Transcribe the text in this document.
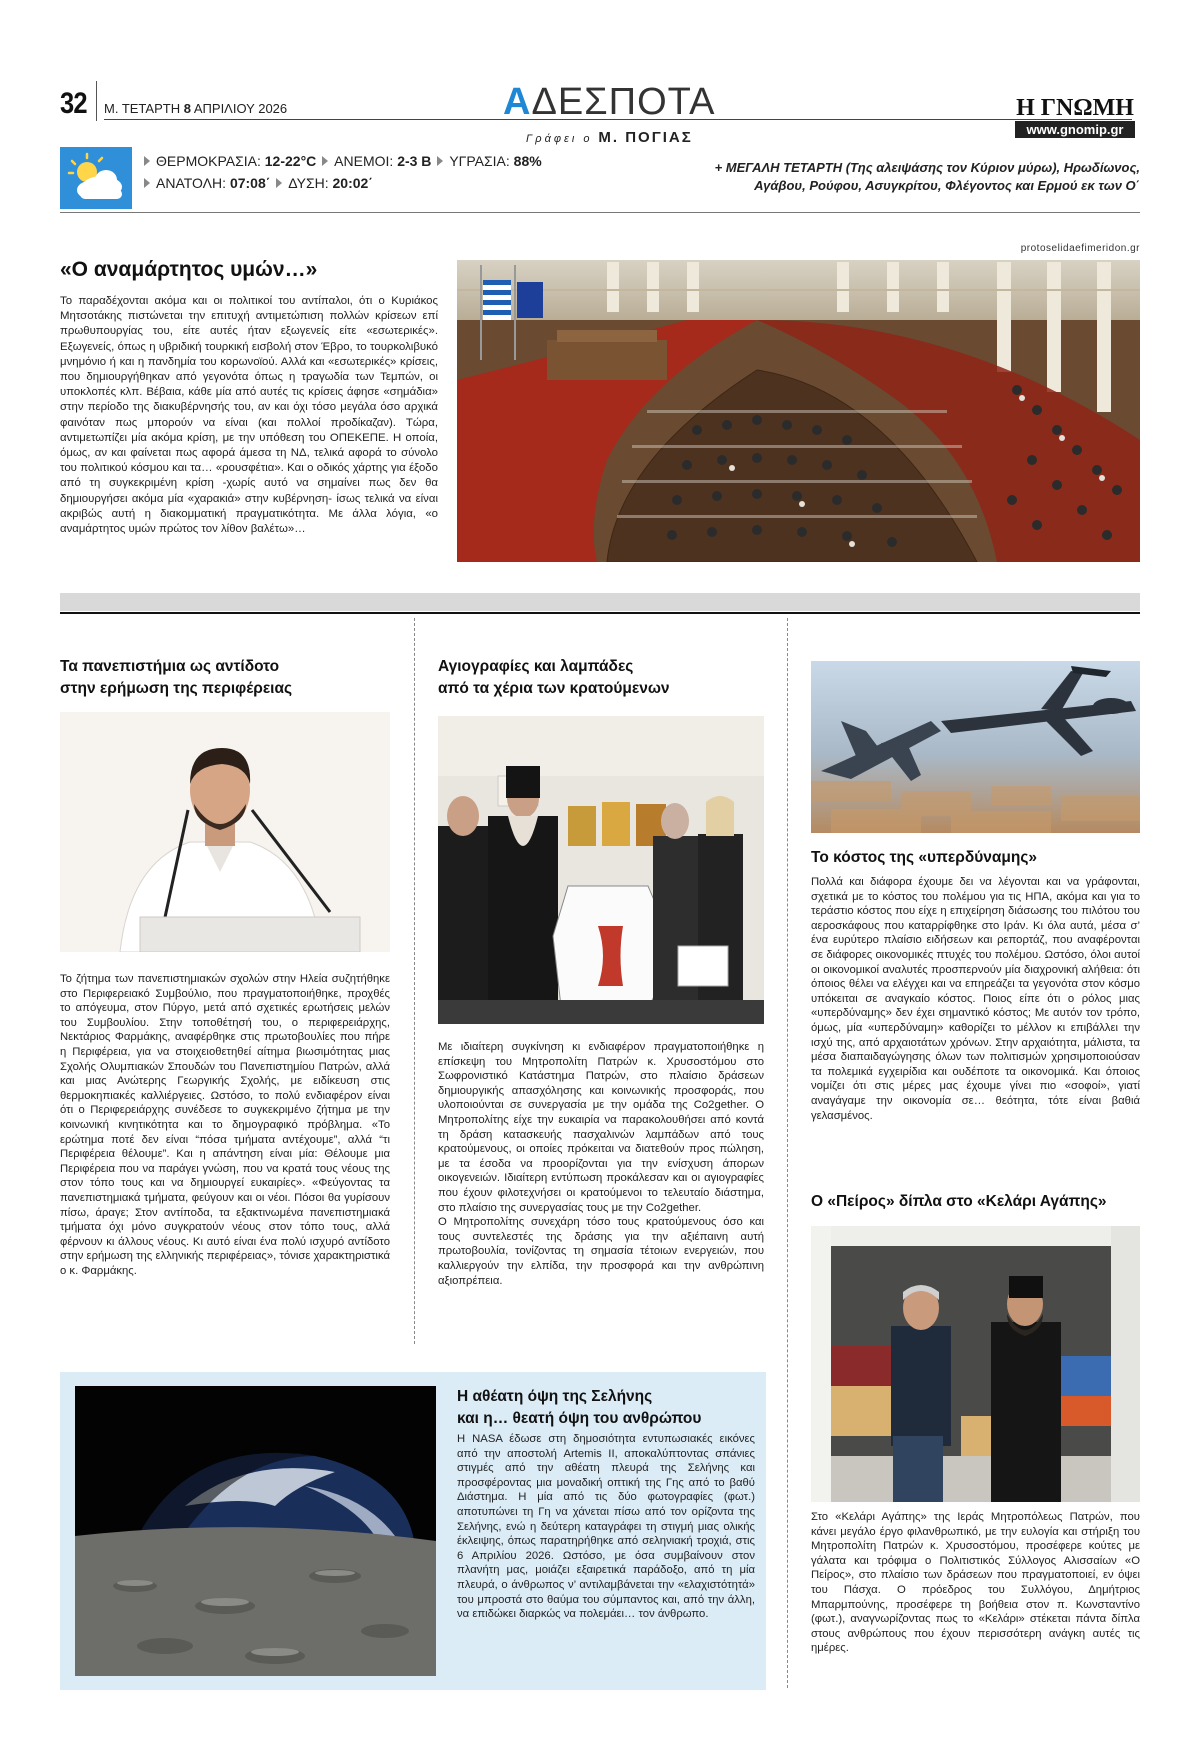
32 Μ. ΤΕΤΑΡΤΗ 8 ΑΠΡΙΛΙΟΥ 2026	ΑΔΕΣΠΟΤΑ
Γράφει ο Μ. ΠΟΓΙΑΣ
Η ΓΝΩΜΗ
www.gnomip.gr
ΘΕΡΜΟΚΡΑΣΙΑ: 12-22°C ΑΝΕΜΟΙ: 2-3 Β ΥΓΡΑΣΙΑ: 88%
ΑΝΑΤΟΛΗ: 07:08΄ ΔΥΣΗ: 20:02΄
+ ΜΕΓΑΛΗ ΤΕΤΑΡΤΗ (Της αλειψάσης τον Κύριον μύρω), Ηρωδίωνος,
Αγάβου, Ρούφου, Ασυγκρίτου, Φλέγοντος και Ερμού εκ των Ο΄
protoselidaefimeridon.gr
«Ο αναμάρτητος υμών…»
Το παραδέχονται ακόμα και οι πολιτικοί του αντίπαλοι, ότι ο Κυριάκος Μητσοτάκης πιστώνεται την επιτυχή αντιμετώπιση πολλών κρίσεων επί πρωθυπουργίας του, είτε αυτές ήταν εξωγενείς είτε «εσωτερικές». Εξωγενείς, όπως η υβριδική τουρκική εισβολή στον Έβρο, το τουρκολιβυκό μνημόνιο ή και η πανδημία του κορωνοϊού. Αλλά και «εσωτερικές» κρίσεις, που δημιουργήθηκαν από γεγονότα όπως η τραγωδία των Τεμπών, οι υποκλοπές κλπ. Βέβαια, κάθε μία από αυτές τις κρίσεις άφησε «σημάδια» στην περίοδο της διακυβέρνησής του, αν και όχι τόσο μεγάλα όσο αρχικά φαινόταν πως μπορούν να είναι (και πολλοί προδίκαζαν). Τώρα, αντιμετωπίζει μία ακόμα κρίση, με την υπόθεση του ΟΠΕΚΕΠΕ. Η οποία, όμως, αν και φαίνεται πως αφορά άμεσα τη ΝΔ, τελικά αφορά το σύνολο του πολιτικού κόσμου και τα… «ρουσφέτια». Και ο οδικός χάρτης για έξοδο από τη συγκεκριμένη κρίση -χωρίς αυτό να σημαίνει πως δεν θα δημιουργήσει ακόμα μία «χαρακιά» στην κυβέρνηση- ίσως τελικά να είναι ακριβώς αυτή η διακομματική πραγματικότητα. Με άλλα λόγια, «ο αναμάρτητος υμών πρώτος τον λίθον βαλέτω»…
Τα πανεπιστήμια ως αντίδοτο
στην ερήμωση της περιφέρειας
Το ζήτημα των πανεπιστημιακών σχολών στην Ηλεία συζητήθηκε στο Περιφερειακό Συμβούλιο, που πραγματοποιήθηκε, προχθές το απόγευμα, στον Πύργο, μετά από σχετικές ερωτήσεις μελών του Συμβουλίου. Στην τοποθέτησή του, ο περιφερειάρχης, Νεκτάριος Φαρμάκης, αναφέρθηκε στις πρωτοβουλίες που πήρε η Περιφέρεια, για να στοιχειοθετηθεί αίτημα βιωσιμότητας μιας Σχολής Ολυμπιακών Σπουδών του Πανεπιστημίου Πατρών, αλλά και μιας Ανώτερης Γεωργικής Σχολής, με ειδίκευση στις θερμοκηπιακές καλλιέργειες. Ωστόσο, το πολύ ενδιαφέρον είναι ότι ο Περιφερειάρχης συνέδεσε το συγκεκριμένο ζήτημα με την κοινωνική κινητικότητα και το δημογραφικό πρόβλημα. «Το ερώτημα ποτέ δεν είναι “πόσα τμήματα αντέχουμε”, αλλά “τι Περιφέρεια θέλουμε”. Και η απάντηση είναι μία: Θέλουμε μια Περιφέρεια που να παράγει γνώση, που να κρατά τους νέους της στον τόπο τους και να δημιουργεί ευκαιρίες». «Φεύγοντας τα πανεπιστημιακά τμήματα, φεύγουν και οι νέοι. Πόσοι θα γυρίσουν πίσω, άραγε; Στον αντίποδα, τα εξακτινωμένα πανεπιστημιακά τμήματα όχι μόνο συγκρατούν νέους στον τόπο τους, αλλά φέρνουν κι άλλους νέους. Κι αυτό είναι ένα πολύ ισχυρό αντίδοτο στην ερήμωση της ελληνικής περιφέρειας», τόνισε χαρακτηριστικά ο κ. Φαρμάκης.
Αγιογραφίες και λαμπάδες
από τα χέρια των κρατούμενων
Με ιδιαίτερη συγκίνηση κι ενδιαφέρον πραγματοποιήθηκε η επίσκεψη του Μητροπολίτη Πατρών κ. Χρυσοστόμου στο Σωφρονιστικό Κατάστημα Πατρών, στο πλαίσιο δράσεων δημιουργικής απασχόλησης και κοινωνικής προσφοράς, που υλοποιούνται σε συνεργασία με την ομάδα της Co2gether. Ο Μητροπολίτης είχε την ευκαιρία να παρακολουθήσει από κοντά τη δράση κατασκευής πασχαλινών λαμπάδων από τους κρατούμενους, οι οποίες πρόκειται να διατεθούν προς πώληση, με τα έσοδα να προορίζονται για την ενίσχυση άπορων οικογενειών. Ιδιαίτερη εντύπωση προκάλεσαν και οι αγιογραφίες που έχουν φιλοτεχνήσει οι κρατούμενοι το τελευταίο διάστημα, στο πλαίσιο της συνεργασίας τους με την Co2gether.
Ο Μητροπολίτης συνεχάρη τόσο τους κρατούμενους όσο και τους συντελεστές της δράσης για την αξιέπαινη αυτή πρωτοβουλία, τονίζοντας τη σημασία τέτοιων ενεργειών, που καλλιεργούν την ελπίδα, την προσφορά και την ανθρώπινη αξιοπρέπεια.
Το κόστος της «υπερδύναμης»
Πολλά και διάφορα έχουμε δει να λέγονται και να γράφονται, σχετικά με το κόστος του πολέμου για τις ΗΠΑ, ακόμα και για το τεράστιο κόστος που είχε η επιχείρηση διάσωσης του πιλότου του αεροσκάφους που καταρρίφθηκε στο Ιράν. Κι όλα αυτά, μέσα σ’ ένα ευρύτερο πλαίσιο ειδήσεων και ρεπορτάζ, που αναφέρονται σε διάφορες οικονομικές πτυχές του πολέμου. Ωστόσο, όλοι αυτοί οι οικονομικοί αναλυτές προσπερνούν μία διαχρονική αλήθεια: ότι όποιος θέλει να ελέγχει και να επηρεάζει τα γεγονότα στον κόσμο υπόκειται σε αναγκαίο κόστος. Ποιος είπε ότι ο ρόλος μιας «υπερδύναμης» δεν έχει σημαντικό κόστος; Με αυτόν τον τρόπο, όμως, μία «υπερδύναμη» καθορίζει το μέλλον κι επιβάλλει την ισχύ της, από αρχαιοτάτων χρόνων. Στην αρχαιότητα, μάλιστα, τα μέσα διαπαιδαγώγησης όλων των πολιτισμών χρησιμοποιούσαν τα πολεμικά εγχειρίδια και ουδέποτε τα οικονομικά. Και όποιος νομίζει ότι στις μέρες μας έχουμε γίνει πιο «σοφοί», γιατί αναγάγαμε την οικονομία σε… θεότητα, τότε είναι βαθιά γελασμένος.
Ο «Πείρος» δίπλα στο «Κελάρι Αγάπης»
Στο «Κελάρι Αγάπης» της Ιεράς Μητροπόλεως Πατρών, που κάνει μεγάλο έργο φιλανθρωπικό, με την ευλογία και στήριξη του Μητροπολίτη Πατρών κ. Χρυσοστόμου, προσέφερε κούτες με γάλατα και τρόφιμα ο Πολιτιστικός Σύλλογος Αλισσαίων «Ο Πείρος», στο πλαίσιο των δράσεων που πραγματοποιεί, εν όψει του Πάσχα. Ο πρόεδρος του Συλλόγου, Δημήτριος Μπαρμπούνης, προσέφερε τη βοήθεια στον π. Κωνσταντίνο (φωτ.), αναγνωρίζοντας πως το «Κελάρι» στέκεται πάντα δίπλα στους ανθρώπους που έχουν περισσότερη ανάγκη αυτές τις ημέρες.
Η αθέατη όψη της Σελήνης
και η… θεατή όψη του ανθρώπου
Η NASA έδωσε στη δημοσιότητα εντυπωσιακές εικόνες από την αποστολή Artemis II, αποκαλύπτοντας σπάνιες στιγμές από την αθέατη πλευρά της Σελήνης και προσφέροντας μια μοναδική οπτική της Γης από το βαθύ Διάστημα. Η μία από τις δύο φωτογραφίες (φωτ.) αποτυπώνει τη Γη να χάνεται πίσω από τον ορίζοντα της Σελήνης, ενώ η δεύτερη καταγράφει τη στιγμή μιας ολικής έκλειψης, όπως παρατηρήθηκε από σεληνιακή τροχιά, στις 6 Απριλίου 2026. Ωστόσο, με όσα συμβαίνουν στον πλανήτη μας, μοιάζει εξαιρετικά παράδοξο, από τη μία πλευρά, ο άνθρωπος ν’ αντιλαμβάνεται την «ελαχιστότητά» του μπροστά στο θαύμα του σύμπαντος και, από την άλλη, να επιδώκει διαρκώς να πολεμάει… τον άνθρωπο.
